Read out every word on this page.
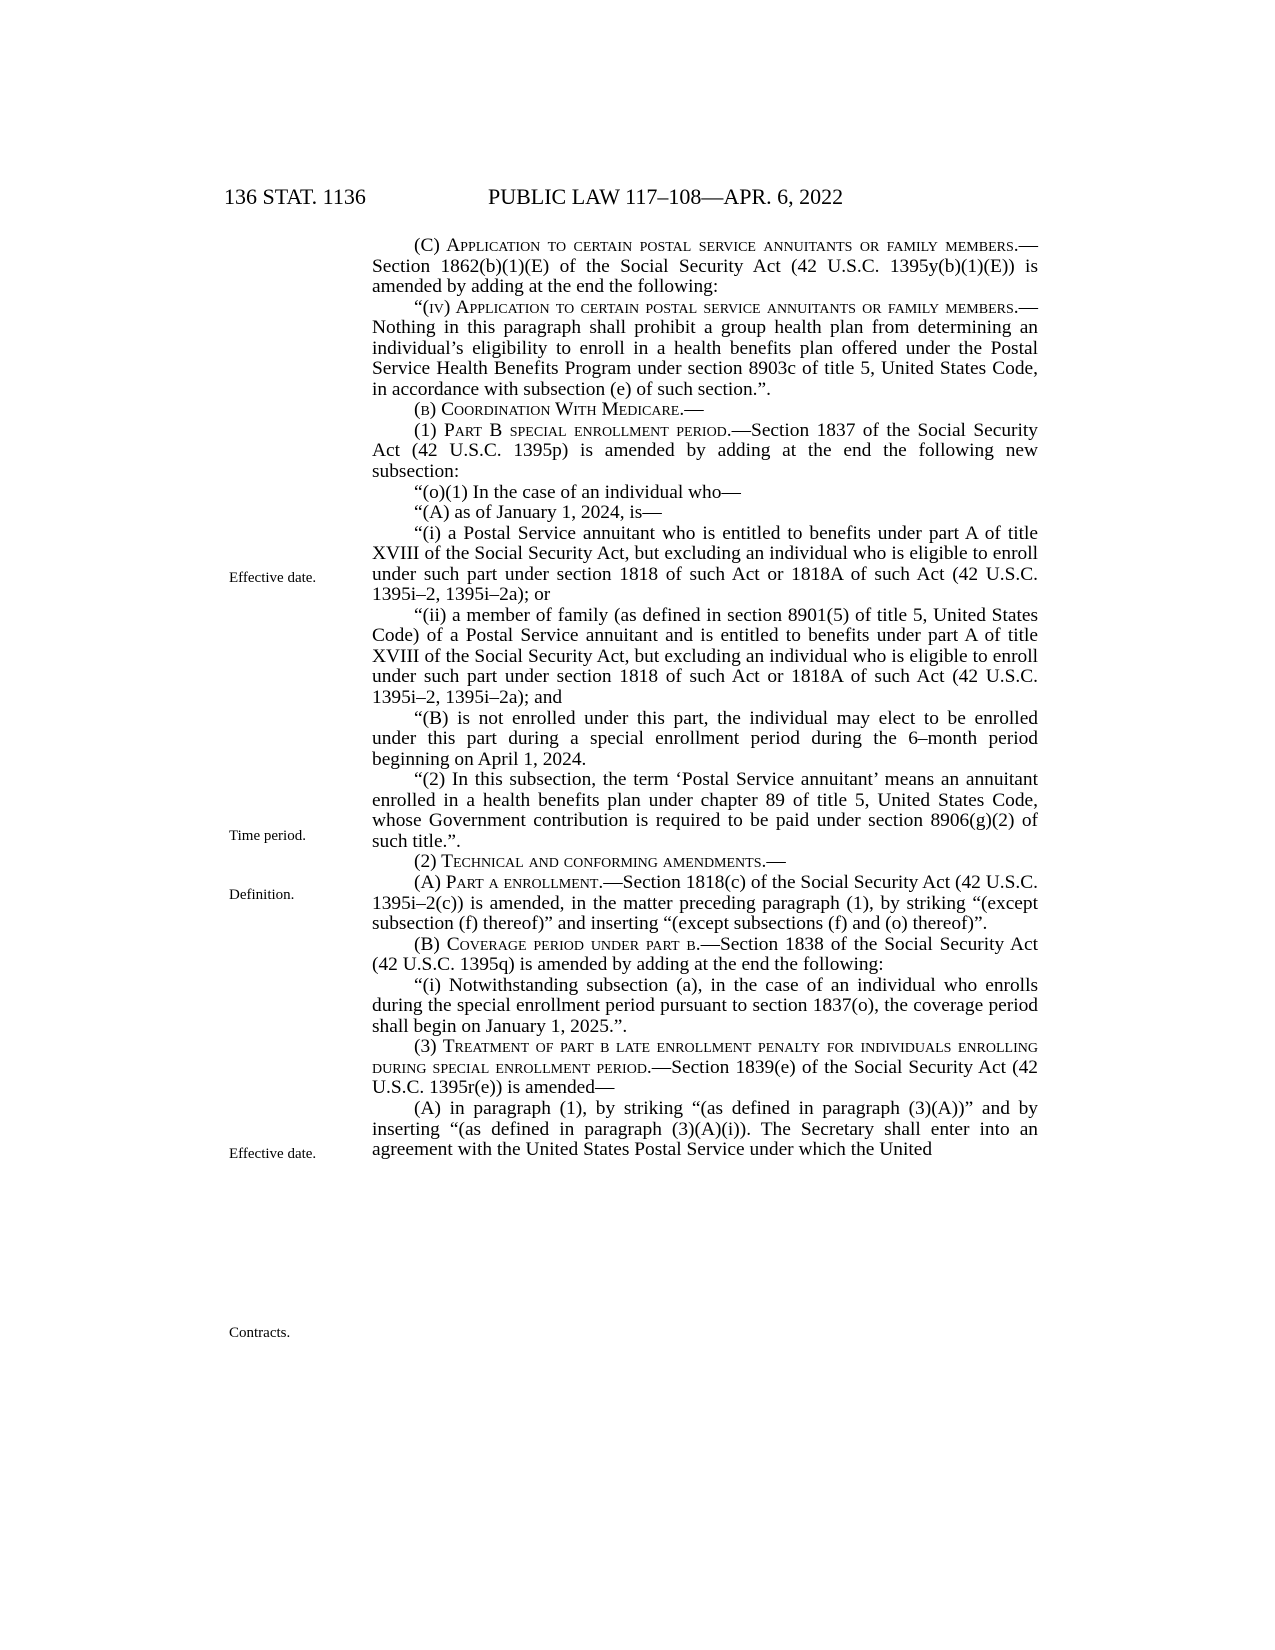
136 STAT. 1136	PUBLIC LAW 117–108—APR. 6, 2022
Effective date.
Time period.
Definition.
Effective date.
Contracts.

(C) Application to certain postal service annuitants or family members.—Section 1862(b)(1)(E) of the Social Security Act (42 U.S.C. 1395y(b)(1)(E)) is amended by adding at the end the following:

“(iv) Application to certain postal service annuitants or family members.—Nothing in this paragraph shall prohibit a group health plan from determining an individual’s eligibility to enroll in a health benefits plan offered under the Postal Service Health Benefits Program under section 8903c of title 5, United States Code, in accordance with subsection (e) of such section.”.

(b) Coordination With Medicare.—

(1) Part B special enrollment period.—Section 1837 of the Social Security Act (42 U.S.C. 1395p) is amended by adding at the end the following new subsection:

“(o)(1) In the case of an individual who—

“(A) as of January 1, 2024, is—

“(i) a Postal Service annuitant who is entitled to benefits under part A of title XVIII of the Social Security Act, but excluding an individual who is eligible to enroll under such part under section 1818 of such Act or 1818A of such Act (42 U.S.C. 1395i–2, 1395i–2a); or

“(ii) a member of family (as defined in section 8901(5) of title 5, United States Code) of a Postal Service annuitant and is entitled to benefits under part A of title XVIII of the Social Security Act, but excluding an individual who is eligible to enroll under such part under section 1818 of such Act or 1818A of such Act (42 U.S.C. 1395i–2, 1395i–2a); and

“(B) is not enrolled under this part, the individual may elect to be enrolled under this part during a special enrollment period during the 6–month period beginning on April 1, 2024.

“(2) In this subsection, the term ‘Postal Service annuitant’ means an annuitant enrolled in a health benefits plan under chapter 89 of title 5, United States Code, whose Government contribution is required to be paid under section 8906(g)(2) of such title.”.

(2) Technical and conforming amendments.—

(A) Part a enrollment.—Section 1818(c) of the Social Security Act (42 U.S.C. 1395i–2(c)) is amended, in the matter preceding paragraph (1), by striking “(except subsection (f) thereof)” and inserting “(except subsections (f) and (o) thereof)”.

(B) Coverage period under part b.—Section 1838 of the Social Security Act (42 U.S.C. 1395q) is amended by adding at the end the following:

“(i) Notwithstanding subsection (a), in the case of an individual who enrolls during the special enrollment period pursuant to section 1837(o), the coverage period shall begin on January 1, 2025.”.

(3) Treatment of part b late enrollment penalty for individuals enrolling during special enrollment period.—Section 1839(e) of the Social Security Act (42 U.S.C. 1395r(e)) is amended—

(A) in paragraph (1), by striking “(as defined in paragraph (3)(A))” and by inserting “(as defined in paragraph (3)(A)(i)). The Secretary shall enter into an agreement with the United States Postal Service under which the United
